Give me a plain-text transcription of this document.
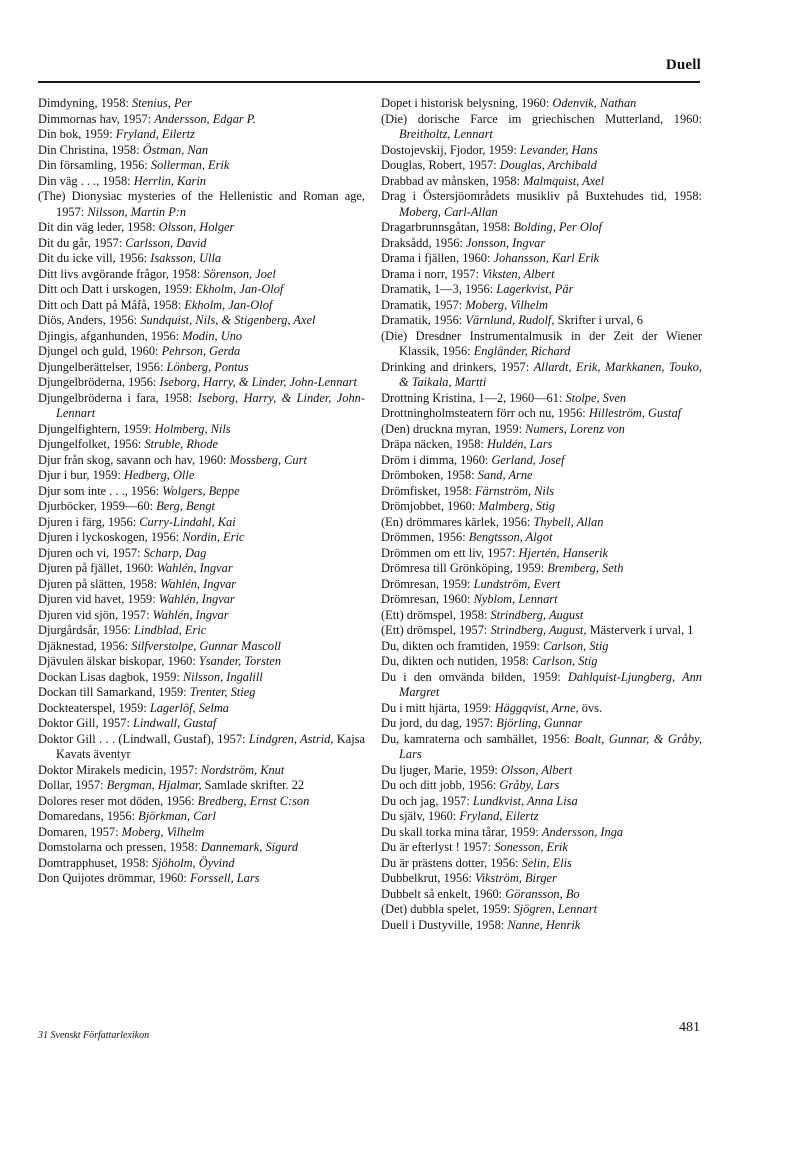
Duell
Dimdyning, 1958: Stenius, Per
Dimmornas hav, 1957: Andersson, Edgar P.
Din bok, 1959: Fryland, Eilertz
Din Christina, 1958: Östman, Nan
Din församling, 1956: Sollerman, Erik
Din väg . . ., 1958: Herrlin, Karin
(The) Dionysiac mysteries of the Hellenistic and Roman age, 1957: Nilsson, Martin P:n
Dit din väg leder, 1958: Olsson, Holger
Dit du går, 1957: Carlsson, David
Dit du icke vill, 1956: Isaksson, Ulla
Ditt livs avgörande frågor, 1958: Sörenson, Joel
Ditt och Datt i urskogen, 1959: Ekholm, Jan-Olof
Ditt och Datt på Måfå, 1958: Ekholm, Jan-Olof
Diös, Anders, 1956: Sundquist, Nils, & Stigenberg, Axel
Djingis, afganhunden, 1956: Modin, Uno
Djungel och guld, 1960: Pehrson, Gerda
Djungelberättelser, 1956: Lönberg, Pontus
Djungelbröderna, 1956: Iseborg, Harry, & Linder, John-Lennart
Djungelbröderna i fara, 1958: Iseborg, Harry, & Linder, John-Lennart
Djungelfightern, 1959: Holmberg, Nils
Djungelfolket, 1956: Struble, Rhode
Djur från skog, savann och hav, 1960: Mossberg, Curt
Djur i bur, 1959: Hedberg, Olle
Djur som inte . . ., 1956: Wolgers, Beppe
Djurböcker, 1959—60: Berg, Bengt
Djuren i färg, 1956: Curry-Lindahl, Kai
Djuren i lyckoskogen, 1956: Nordin, Eric
Djuren och vi, 1957: Scharp, Dag
Djuren på fjället, 1960: Wahlén, Ingvar
Djuren på slätten, 1958: Wahlén, Ingvar
Djuren vid havet, 1959: Wahlén, Ingvar
Djuren vid sjön, 1957: Wahlén, Ingvar
Djurgårdsår, 1956: Lindblad, Eric
Djäknestad, 1956: Silfverstolpe, Gunnar Mascoll
Djävulen älskar biskopar, 1960: Ysander, Torsten
Dockan Lisas dagbok, 1959: Nilsson, Ingalill
Dockan till Samarkand, 1959: Trenter, Stieg
Dockteaterspel, 1959: Lagerlöf, Selma
Doktor Gill, 1957: Lindwall, Gustaf
Doktor Gill . . . (Lindwall, Gustaf), 1957: Lindgren, Astrid, Kajsa Kavats äventyr
Doktor Mirakels medicin, 1957: Nordström, Knut
Dollar, 1957: Bergman, Hjalmar, Samlade skrifter. 22
Dolores reser mot döden, 1956: Bredberg, Ernst C:son
Domaredans, 1956: Björkman, Carl
Domaren, 1957: Moberg, Vilhelm
Domstolarna och pressen, 1958: Dannemark, Sigurd
Domtrapphuset, 1958: Sjöholm, Öyvind
Don Quijotes drömmar, 1960: Forssell, Lars
Dopet i historisk belysning, 1960: Odenvik, Nathan
(Die) dorische Farce im griechischen Mutterland, 1960: Breitholtz, Lennart
Dostojevskij, Fjodor, 1959: Levander, Hans
Douglas, Robert, 1957: Douglas, Archibald
Drabbad av månsken, 1958: Malmquist, Axel
Drag i Östersjöområdets musikliv på Buxtehudes tid, 1958: Moberg, Carl-Allan
Dragarbrunnsgåtan, 1958: Bolding, Per Olof
Draksådd, 1956: Jonsson, Ingvar
Drama i fjällen, 1960: Johansson, Karl Erik
Drama i norr, 1957: Viksten, Albert
Dramatik, 1—3, 1956: Lagerkvist, Pär
Dramatik, 1957: Moberg, Vilhelm
Dramatik, 1956: Värnlund, Rudolf, Skrifter i urval, 6
(Die) Dresdner Instrumentalmusik in der Zeit der Wiener Klassik, 1956: Engländer, Richard
Drinking and drinkers, 1957: Allardt, Erik, Markkanen, Touko, & Taikala, Martti
Drottning Kristina, 1—2, 1960—61: Stolpe, Sven
Drottningholmsteatern förr och nu, 1956: Hilleström, Gustaf
(Den) druckna myran, 1959: Numers, Lorenz von
Dräpa näcken, 1958: Huldén, Lars
Dröm i dimma, 1960: Gerland, Josef
Drömboken, 1958: Sand, Arne
Drömfisket, 1958: Färnström, Nils
Drömjobbet, 1960: Malmberg, Stig
(En) drömmares kärlek, 1956: Thybell, Allan
Drömmen, 1956: Bengtsson, Algot
Drömmen om ett liv, 1957: Hjertén, Hanserik
Drömresa till Grönköping, 1959: Bremberg, Seth
Drömresan, 1959: Lundström, Evert
Drömresan, 1960: Nyblom, Lennart
(Ett) drömspel, 1958: Strindberg, August
(Ett) drömspel, 1957: Strindberg, August, Mästerverk i urval, 1
Du, dikten och framtiden, 1959: Carlson, Stig
Du, dikten och nutiden, 1958: Carlson, Stig
Du i den omvända bilden, 1959: Dahlquist-Ljungberg, Ann Margret
Du i mitt hjärta, 1959: Häggqvist, Arne, övs.
Du jord, du dag, 1957: Björling, Gunnar
Du, kamraterna och samhället, 1956: Boalt, Gunnar, & Gråby, Lars
Du ljuger, Marie, 1959: Olsson, Albert
Du och ditt jobb, 1956: Gråby, Lars
Du och jag, 1957: Lundkvist, Anna Lisa
Du själv, 1960: Fryland, Eilertz
Du skall torka mina tårar, 1959: Andersson, Inga
Du är efterlyst ! 1957: Sonesson, Erik
Du är prästens dotter, 1956: Selin, Elis
Dubbelkrut, 1956: Vikström, Birger
Dubbelt så enkelt, 1960: Göransson, Bo
(Det) dubbla spelet, 1959: Sjögren, Lennart
Duell i Dustyville, 1958: Nanne, Henrik
31 Svenskt Författarlexikon
481
